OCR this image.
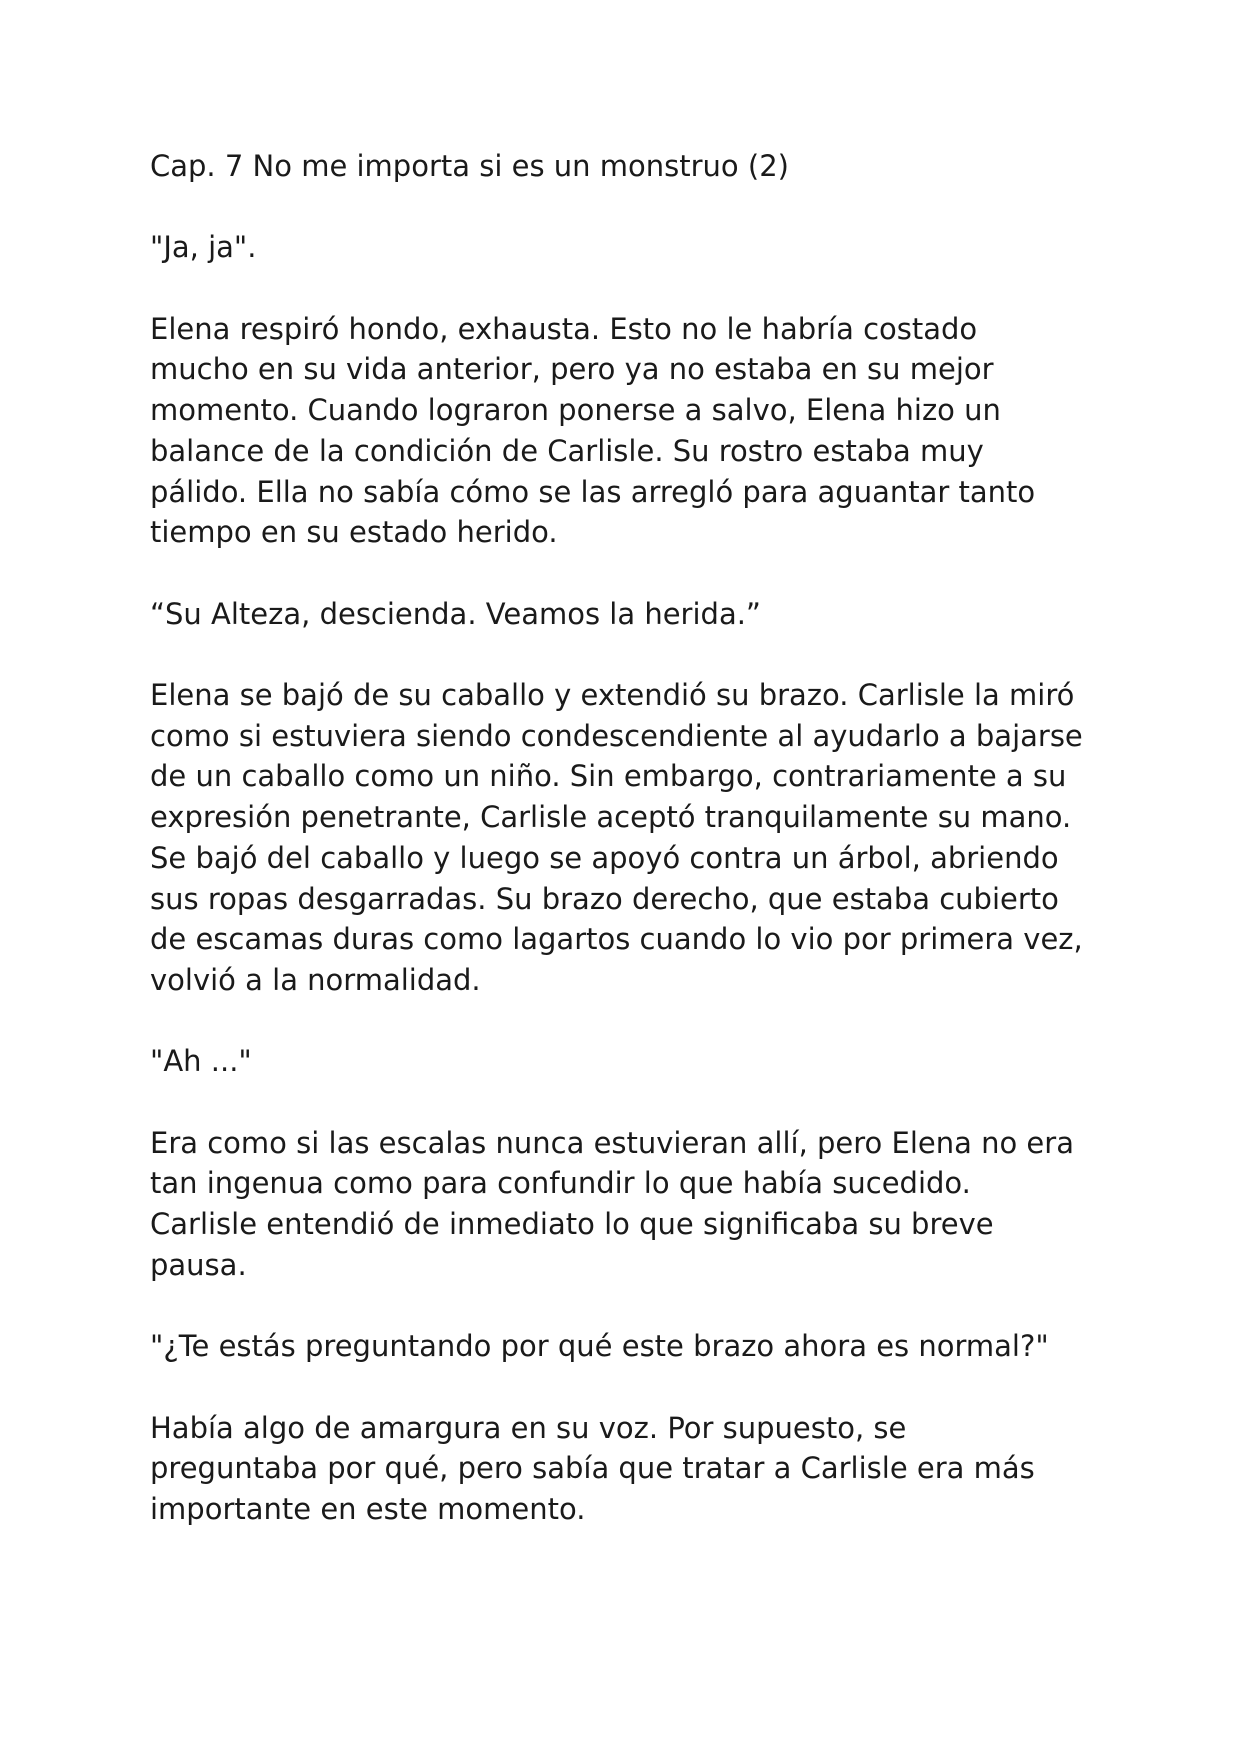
Cap. 7 No me importa si es un monstruo (2)

"Ja, ja".

Elena respiró hondo, exhausta. Esto no le habría costado
mucho en su vida anterior, pero ya no estaba en su mejor
momento. Cuando lograron ponerse a salvo, Elena hizo un
balance de la condición de Carlisle. Su rostro estaba muy
pálido. Ella no sabía cómo se las arregló para aguantar tanto
tiempo en su estado herido.

“Su Alteza, descienda. Veamos la herida.”

Elena se bajó de su caballo y extendió su brazo. Carlisle la miró
como si estuviera siendo condescendiente al ayudarlo a bajarse
de un caballo como un niño. Sin embargo, contrariamente a su
expresión penetrante, Carlisle aceptó tranquilamente su mano.
Se bajó del caballo y luego se apoyó contra un árbol, abriendo
sus ropas desgarradas. Su brazo derecho, que estaba cubierto
de escamas duras como lagartos cuando lo vio por primera vez,
volvió a la normalidad.

"Ah ..."

Era como si las escalas nunca estuvieran allí, pero Elena no era
tan ingenua como para confundir lo que había sucedido.
Carlisle entendió de inmediato lo que significaba su breve
pausa.

"¿Te estás preguntando por qué este brazo ahora es normal?"

Había algo de amargura en su voz. Por supuesto, se
preguntaba por qué, pero sabía que tratar a Carlisle era más
importante en este momento.
